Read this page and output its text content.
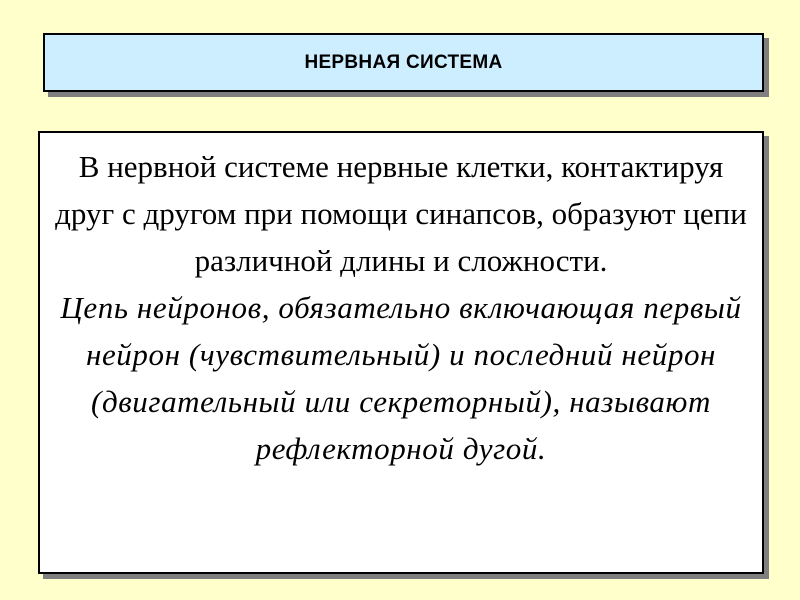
НЕРВНАЯ СИСТЕМА

В нервной системе нервные клетки, контактируя друг с другом при помощи синапсов, образуют цепи различной длины и сложности.

Цепь нейронов, обязательно включающая первый нейрон (чувствительный) и последний нейрон (двигательный или секреторный), называют рефлекторной дугой.
